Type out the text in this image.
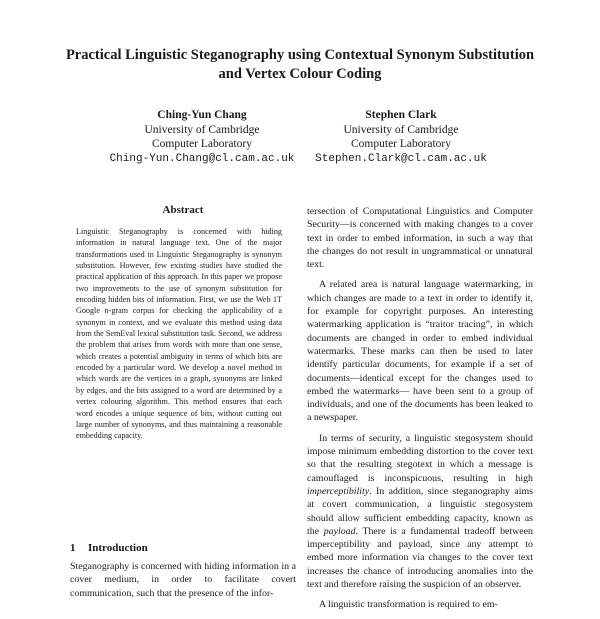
Practical Linguistic Steganography using Contextual Synonym Substitution
and Vertex Colour Coding
Ching-Yun Chang
University of Cambridge
Computer Laboratory
Ching-Yun.Chang@cl.cam.ac.uk
Stephen Clark
University of Cambridge
Computer Laboratory
Stephen.Clark@cl.cam.ac.uk
Abstract
Linguistic Steganography is concerned with hiding information in natural language text. One of the major transformations used in Linguistic Steganography is synonym substitution. However, few existing studies have studied the practical application of this approach. In this paper we propose two improvements to the use of synonym substitution for encoding hidden bits of information. First, we use the Web 1T Google n-gram corpus for checking the applicability of a synonym in context, and we evaluate this method using data from the SemEval lexical substitution task. Second, we address the problem that arises from words with more than one sense, which creates a potential ambiguity in terms of which bits are encoded by a particular word. We develop a novel method in which words are the vertices in a graph, synonyms are linked by edges, and the bits assigned to a word are determined by a vertex colouring algorithm. This method ensures that each word encodes a unique sequence of bits, without cutting out large number of synonyms, and thus maintaining a reasonable embedding capacity.
1 Introduction

Steganography is concerned with hiding information in a cover medium, in order to facilitate covert communication, such that the presence of the infor-

tersection of Computational Linguistics and Computer Security—is concerned with making changes to a cover text in order to embed information, in such a way that the changes do not result in ungrammatical or unnatural text.

A related area is natural language watermarking, in which changes are made to a text in order to identify it, for example for copyright purposes. An interesting watermarking application is “traitor tracing”, in which documents are changed in order to embed individual watermarks. These marks can then be used to later identify particular documents, for example if a set of documents—identical except for the changes used to embed the watermarks— have been sent to a group of individuals, and one of the documents has been leaked to a newspaper.

In terms of security, a linguistic stegosystem should impose minimum embedding distortion to the cover text so that the resulting stegotext in which a message is camouflaged is inconspicuous, resulting in high imperceptibility. In addition, since steganography aims at covert communication, a linguistic stegosystem should allow sufficient embedding capacity, known as the payload. There is a fundamental tradeoff between imperceptibility and payload, since any attempt to embed more information via changes to the cover text increases the chance of introducing anomalies into the text and therefore raising the suspicion of an observer.

A linguistic transformation is required to em-
